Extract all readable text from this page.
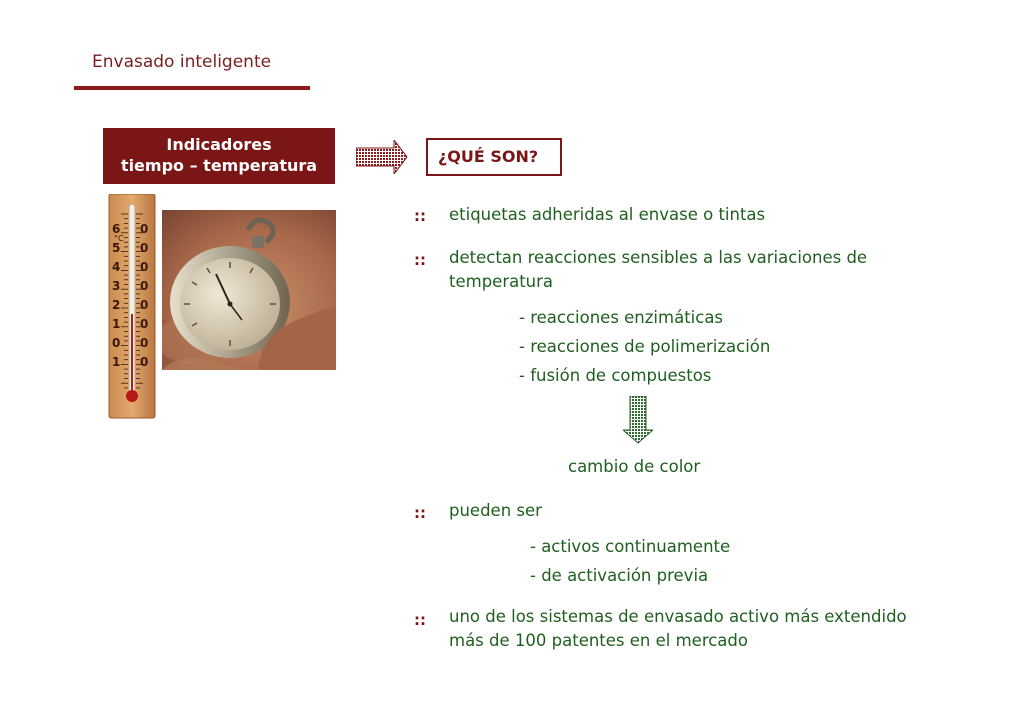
Envasado inteligente
Indicadores
tiempo – temperatura	¿QUÉ SON?
°C
6
5
4
3
2
1
0
1
0
0
0
0
0
0
0
0
:: etiquetas adheridas al envase o tintas
:: detectan reacciones sensibles a las variaciones de
temperatura
- reacciones enzimáticas
- reacciones de polimerización
- fusión de compuestos
cambio de color
:: pueden ser
- activos continuamente
- de activación previa
:: uno de los sistemas de envasado activo más extendido
más de 100 patentes en el mercado
